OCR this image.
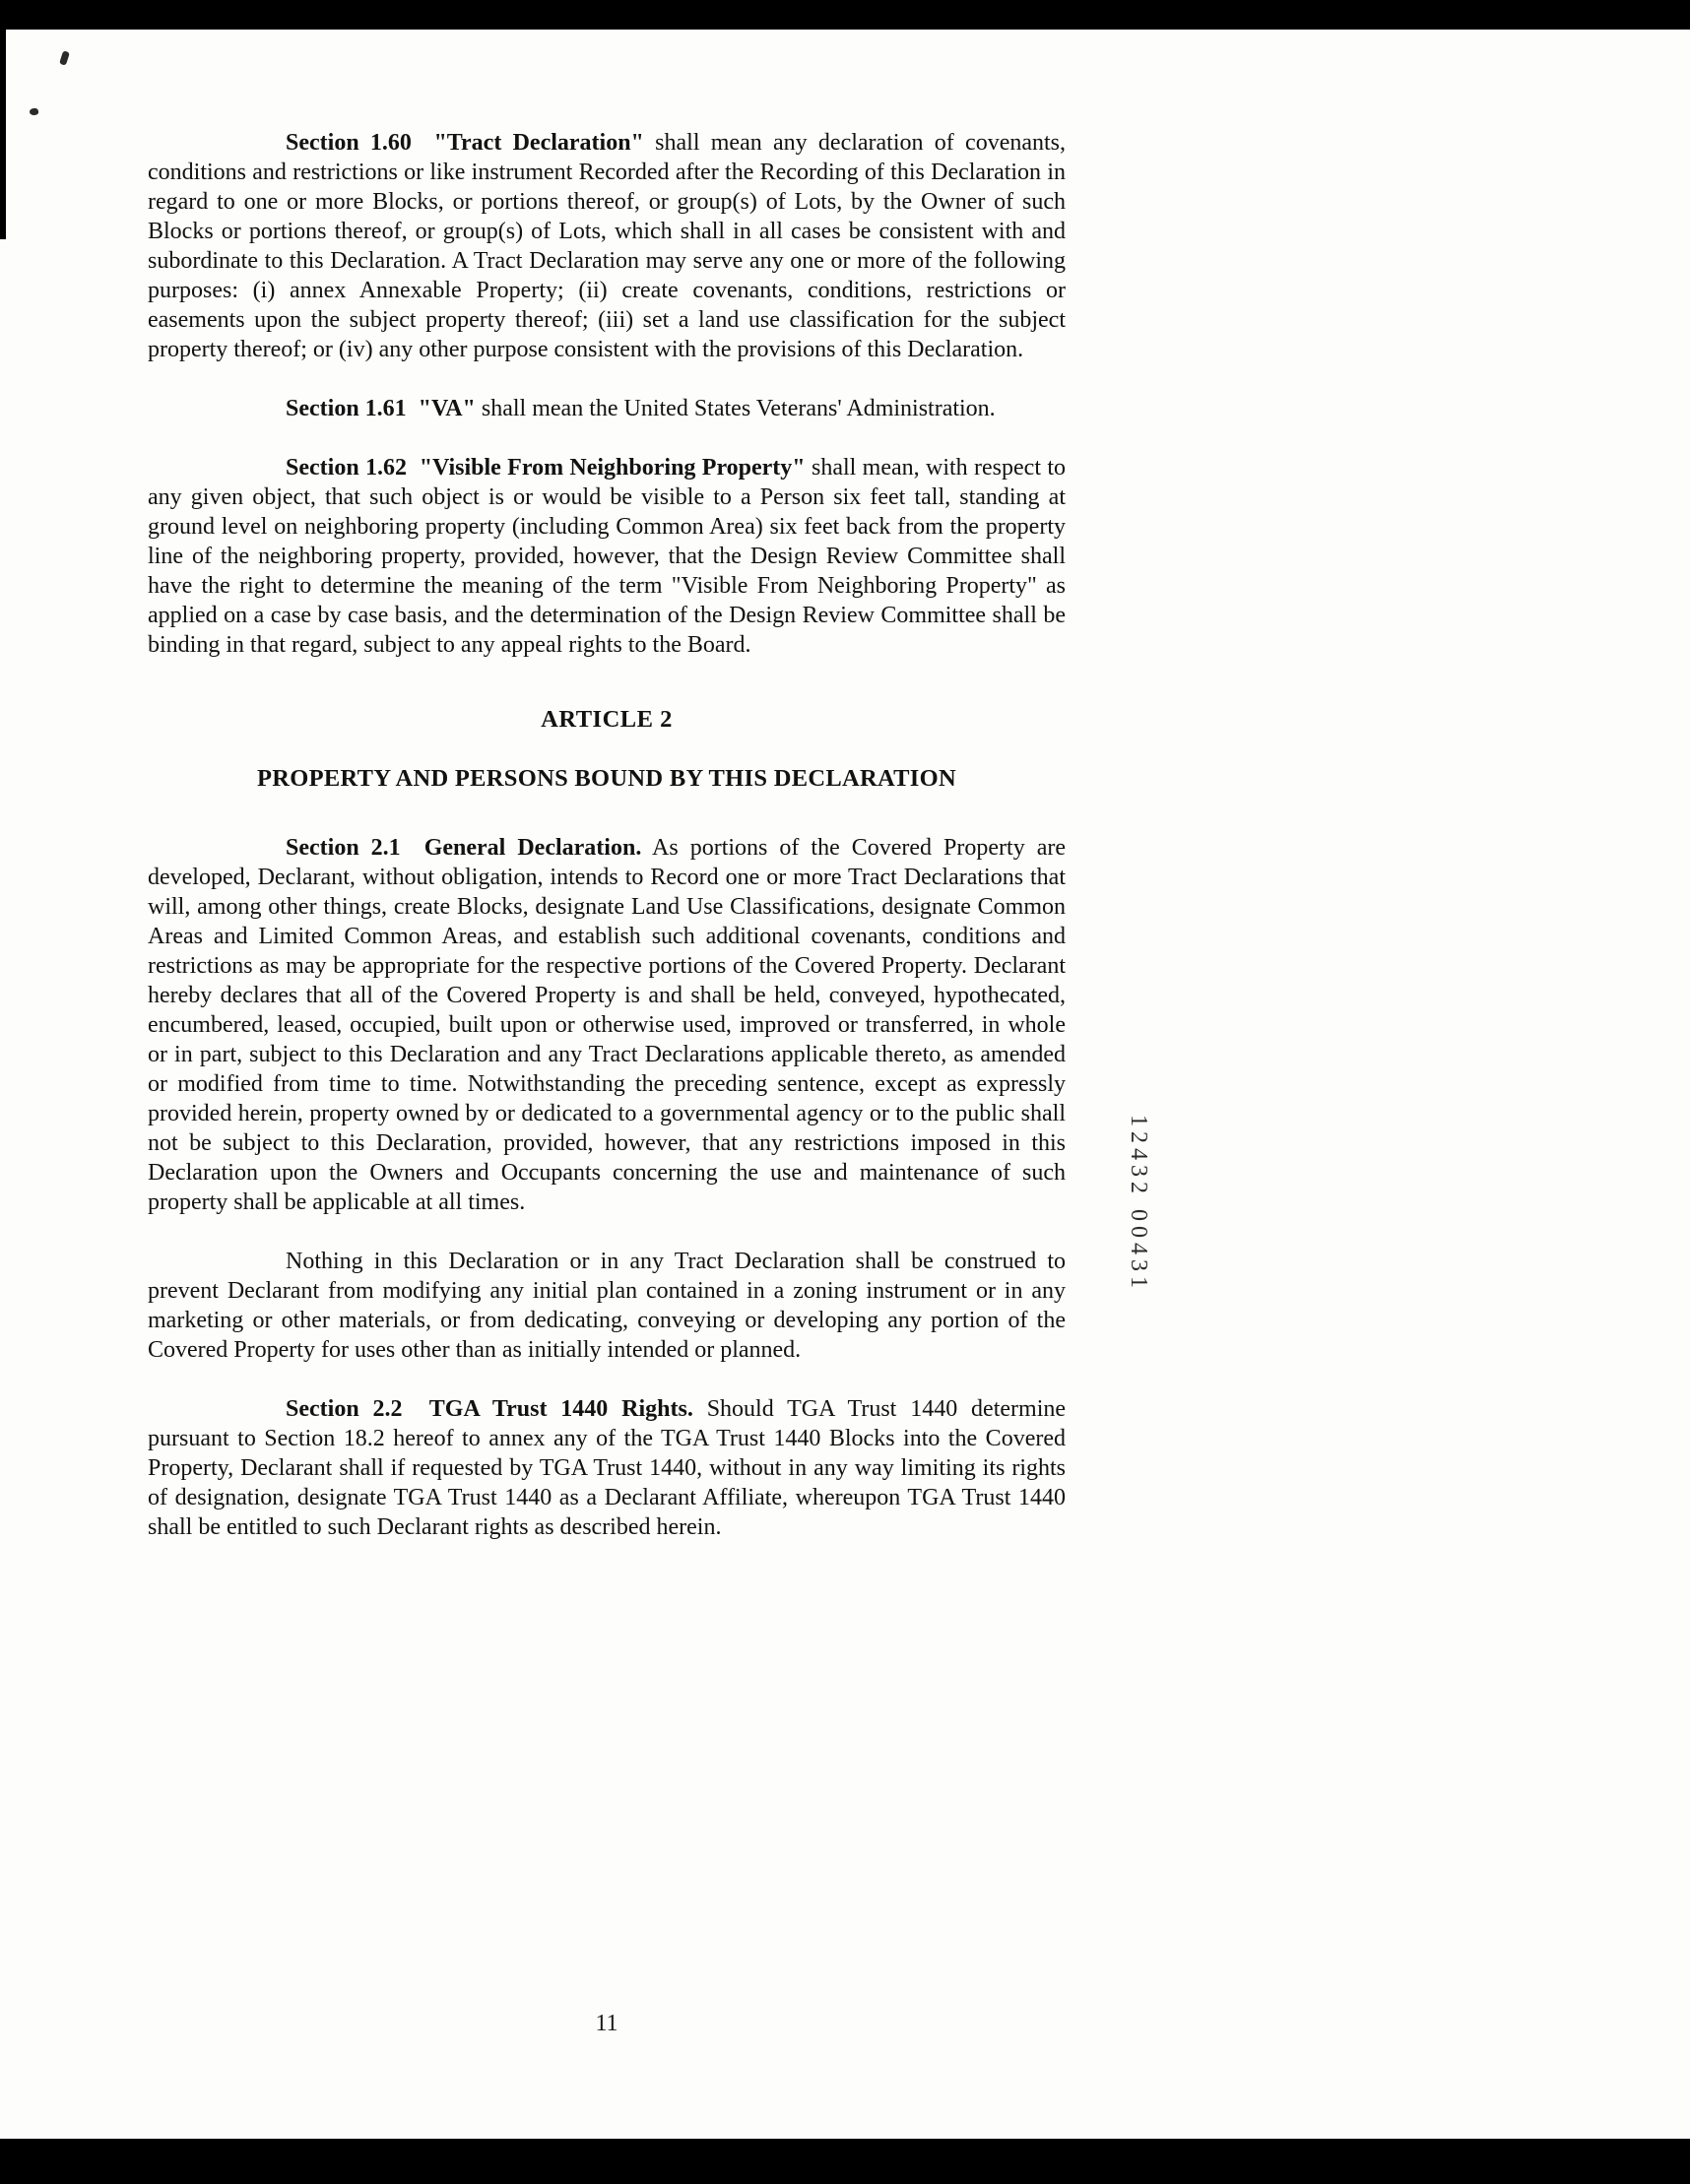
Section 1.60  "Tract Declaration" shall mean any declaration of covenants, conditions and restrictions or like instrument Recorded after the Recording of this Declaration in regard to one or more Blocks, or portions thereof, or group(s) of Lots, by the Owner of such Blocks or portions thereof, or group(s) of Lots, which shall in all cases be consistent with and subordinate to this Declaration. A Tract Declaration may serve any one or more of the following purposes: (i) annex Annexable Property; (ii) create covenants, conditions, restrictions or easements upon the subject property thereof; (iii) set a land use classification for the subject property thereof; or (iv) any other purpose consistent with the provisions of this Declaration.

Section 1.61  "VA" shall mean the United States Veterans' Administration.

Section 1.62  "Visible From Neighboring Property" shall mean, with respect to any given object, that such object is or would be visible to a Person six feet tall, standing at ground level on neighboring property (including Common Area) six feet back from the property line of the neighboring property, provided, however, that the Design Review Committee shall have the right to determine the meaning of the term "Visible From Neighboring Property" as applied on a case by case basis, and the determination of the Design Review Committee shall be binding in that regard, subject to any appeal rights to the Board.

ARTICLE 2
PROPERTY AND PERSONS BOUND BY THIS DECLARATION

Section 2.1  General Declaration. As portions of the Covered Property are developed, Declarant, without obligation, intends to Record one or more Tract Declarations that will, among other things, create Blocks, designate Land Use Classifications, designate Common Areas and Limited Common Areas, and establish such additional covenants, conditions and restrictions as may be appropriate for the respective portions of the Covered Property. Declarant hereby declares that all of the Covered Property is and shall be held, conveyed, hypothecated, encumbered, leased, occupied, built upon or otherwise used, improved or transferred, in whole or in part, subject to this Declaration and any Tract Declarations applicable thereto, as amended or modified from time to time. Notwithstanding the preceding sentence, except as expressly provided herein, property owned by or dedicated to a governmental agency or to the public shall not be subject to this Declaration, provided, however, that any restrictions imposed in this Declaration upon the Owners and Occupants concerning the use and maintenance of such property shall be applicable at all times.

Nothing in this Declaration or in any Tract Declaration shall be construed to prevent Declarant from modifying any initial plan contained in a zoning instrument or in any marketing or other materials, or from dedicating, conveying or developing any portion of the Covered Property for uses other than as initially intended or planned.

Section 2.2  TGA Trust 1440 Rights. Should TGA Trust 1440 determine pursuant to Section 18.2 hereof to annex any of the TGA Trust 1440 Blocks into the Covered Property, Declarant shall if requested by TGA Trust 1440, without in any way limiting its rights of designation, designate TGA Trust 1440 as a Declarant Affiliate, whereupon TGA Trust 1440 shall be entitled to such Declarant rights as described herein.

12432 00431
11
